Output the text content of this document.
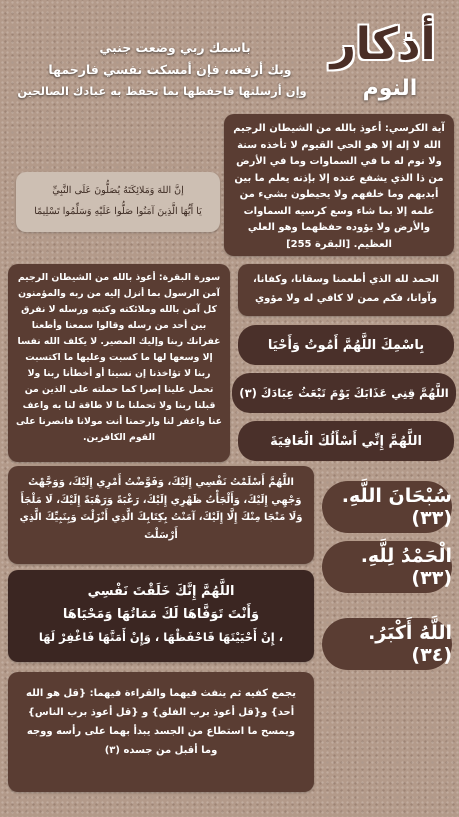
أذكار
النوم
باسمك ربي وضعت جنبي
وبك أرفعه، فإن أمسكت نفسي فارحمها
وإن أرسلتها فاحفظها بما تحفظ به عبادك الصالحين
آية الكرسي: أعوذ بالله من الشيطان الرجيم الله لا إله إلا هو الحي القيوم لا تأخذه سنة ولا نوم له ما في السماوات وما في الأرض من ذا الذي يشفع عنده إلا بإذنه يعلم ما بين أيديهم وما خلفهم ولا يحيطون بشيء من علمه إلا بما شاء وسع كرسيه السماوات والأرض ولا يؤوده حفظهما وهو العلي العظيم. [البقرة 255]
إنَّ اللهَ وَمَلائِكَتَهُ يُصَلُّونَ عَلَى النَّبِيِّ
يَا أَيُّهَا الَّذِينَ آمَنُوا صَلُّوا عَلَيْهِ وَسَلِّمُوا تَسْلِيمًا
الحمد لله الذي أطعمنا وسقانا، وكفانا، وآوانا، فكم ممن لا كافي له ولا مؤوي
سورة البقرة: أعوذ بالله من الشيطان الرجيم آمن الرسول بما أنزل إليه من ربه والمؤمنون كل آمن بالله وملائكته وكتبه ورسله لا نفرق بين أحد من رسله وقالوا سمعنا وأطعنا غفرانك ربنا وإليك المصير. لا يكلف الله نفسا إلا وسعها لها ما كسبت وعليها ما اكتسبت ربنا لا تؤاخذنا إن نسينا أو أخطأنا ربنا ولا تحمل علينا إصرا كما حملته على الذين من قبلنا ربنا ولا تحملنا ما لا طاقة لنا به واعف عنا واغفر لنا وارحمنا أنت مولانا فانصرنا على القوم الكافرين.
بِاسْمِكَ اللَّهُمَّ أَمُوتُ وَأَحْيَا
اللَّهُمَّ قِنِي عَذَابَكَ يَوْمَ تَبْعَثُ عِبَادَكَ (٣)
اللَّهُمَّ إِنِّي أَسْأَلُكَ الْعَافِيَةَ
اللَّهُمَّ أَسْلَمْتُ نَفْسِي إِلَيْكَ، وَفَوَّضْتُ أَمْرِي إِلَيْكَ، وَوَجَّهْتُ وَجْهِي إِلَيْكَ، وَأَلْجَأْتُ ظَهْرِي إِلَيْكَ، رَغْبَةً وَرَهْبَةً إِلَيْكَ، لَا مَلْجَأَ وَلَا مَنْجَا مِنْكَ إِلَّا إِلَيْكَ، آمَنْتُ بِكِتَابِكَ الَّذِي أَنْزَلْتَ وَبِنَبِيِّكَ الَّذِي أَرْسَلْتَ
سُبْحَانَ اللَّهِ. (٣٣)
الْحَمْدُ لِلَّهِ. (٣٣)
اللَّهُ أَكْبَرُ. (٣٤)
اللَّهُمَّ إِنَّكَ خَلَقْتَ نَفْسِي
وَأَنْتَ تَوَفَّاهَا لَكَ مَمَاتُهَا وَمَحْيَاهَا
، إِنْ أَحْيَيْتَهَا فَاحْفَظْهَا ، وَإِنْ أَمَتَّهَا فَاغْفِرْ لَهَا
يجمع كفيه ثم ينفث فيهما والقراءة فيهما: {قل هو الله أحد} و{قل أعوذ برب الفلق} و {قل أعوذ برب الناس} ويمسح ما استطاع من الجسد يبدأ بهما على رأسه ووجه وما أقبل من جسده (٣)
